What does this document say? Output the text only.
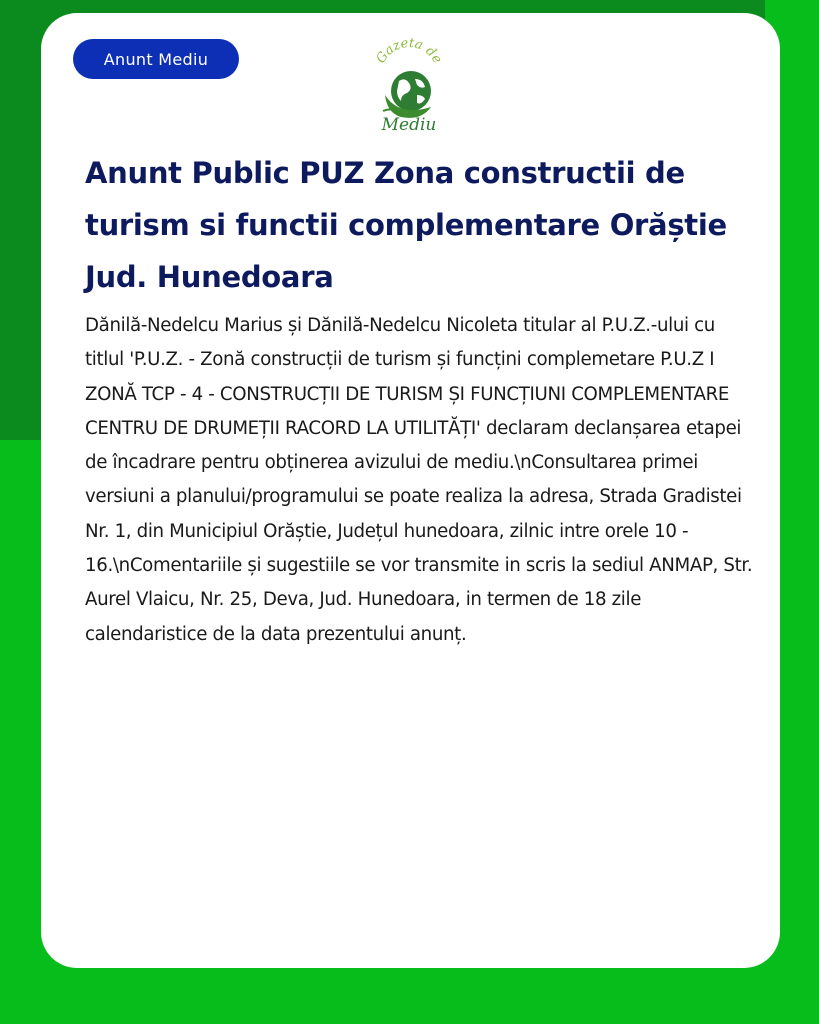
Anunt Mediu	Gazeta de
Mediu
Anunt Public PUZ Zona constructii de turism si functii complementare Orăștie Jud. Hunedoara
Dănilă-Nedelcu Marius și Dănilă-Nedelcu Nicoleta titular al P.U.Z.-ului cu titlul 'P.U.Z. - Zonă construcții de turism și funcțini complemetare P.U.Z I ZONĂ TCP - 4 - CONSTRUCȚII DE TURISM ȘI FUNCȚIUNI COMPLEMENTARE CENTRU DE DRUMEȚII RACORD LA UTILITĂȚI' declaram declanșarea etapei de încadrare pentru obținerea avizului de mediu.\nConsultarea primei versiuni a planului/programului se poate realiza la adresa, Strada Gradistei Nr. 1, din Municipiul Orăștie, Județul hunedoara, zilnic intre orele 10 - 16.\nComentariile și sugestiile se vor transmite in scris la sediul ANMAP, Str. Aurel Vlaicu, Nr. 25, Deva, Jud. Hunedoara, in termen de 18 zile calendaristice de la data prezentului anunț.
